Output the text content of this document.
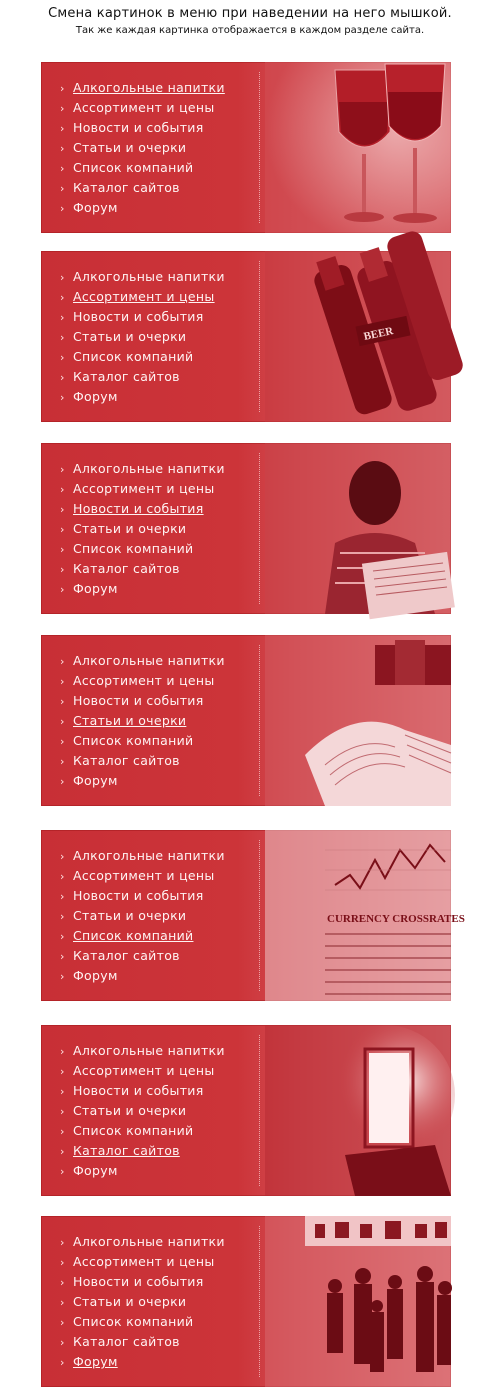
Смена картинок в меню при наведении на него мышкой.
Так же каждая картинка отображается в каждом разделе сайта.
› Алкогольные напитки
› Ассортимент и цены
› Новости и события
› Статьи и очерки
› Список компаний
› Каталог сайтов
› Форум
› Алкогольные напитки
› Ассортимент и цены
› Новости и события
› Статьи и очерки
› Список компаний
› Каталог сайтов
› Форум
BEER
› Алкогольные напитки
› Ассортимент и цены
› Новости и события
› Статьи и очерки
› Список компаний
› Каталог сайтов
› Форум
› Алкогольные напитки
› Ассортимент и цены
› Новости и события
› Статьи и очерки
› Список компаний
› Каталог сайтов
› Форум
› Алкогольные напитки
› Ассортимент и цены
› Новости и события
› Статьи и очерки
› Список компаний
› Каталог сайтов
› Форум
CURRENCY CROSSRATES
› Алкогольные напитки
› Ассортимент и цены
› Новости и события
› Статьи и очерки
› Список компаний
› Каталог сайтов
› Форум
› Алкогольные напитки
› Ассортимент и цены
› Новости и события
› Статьи и очерки
› Список компаний
› Каталог сайтов
› Форум
